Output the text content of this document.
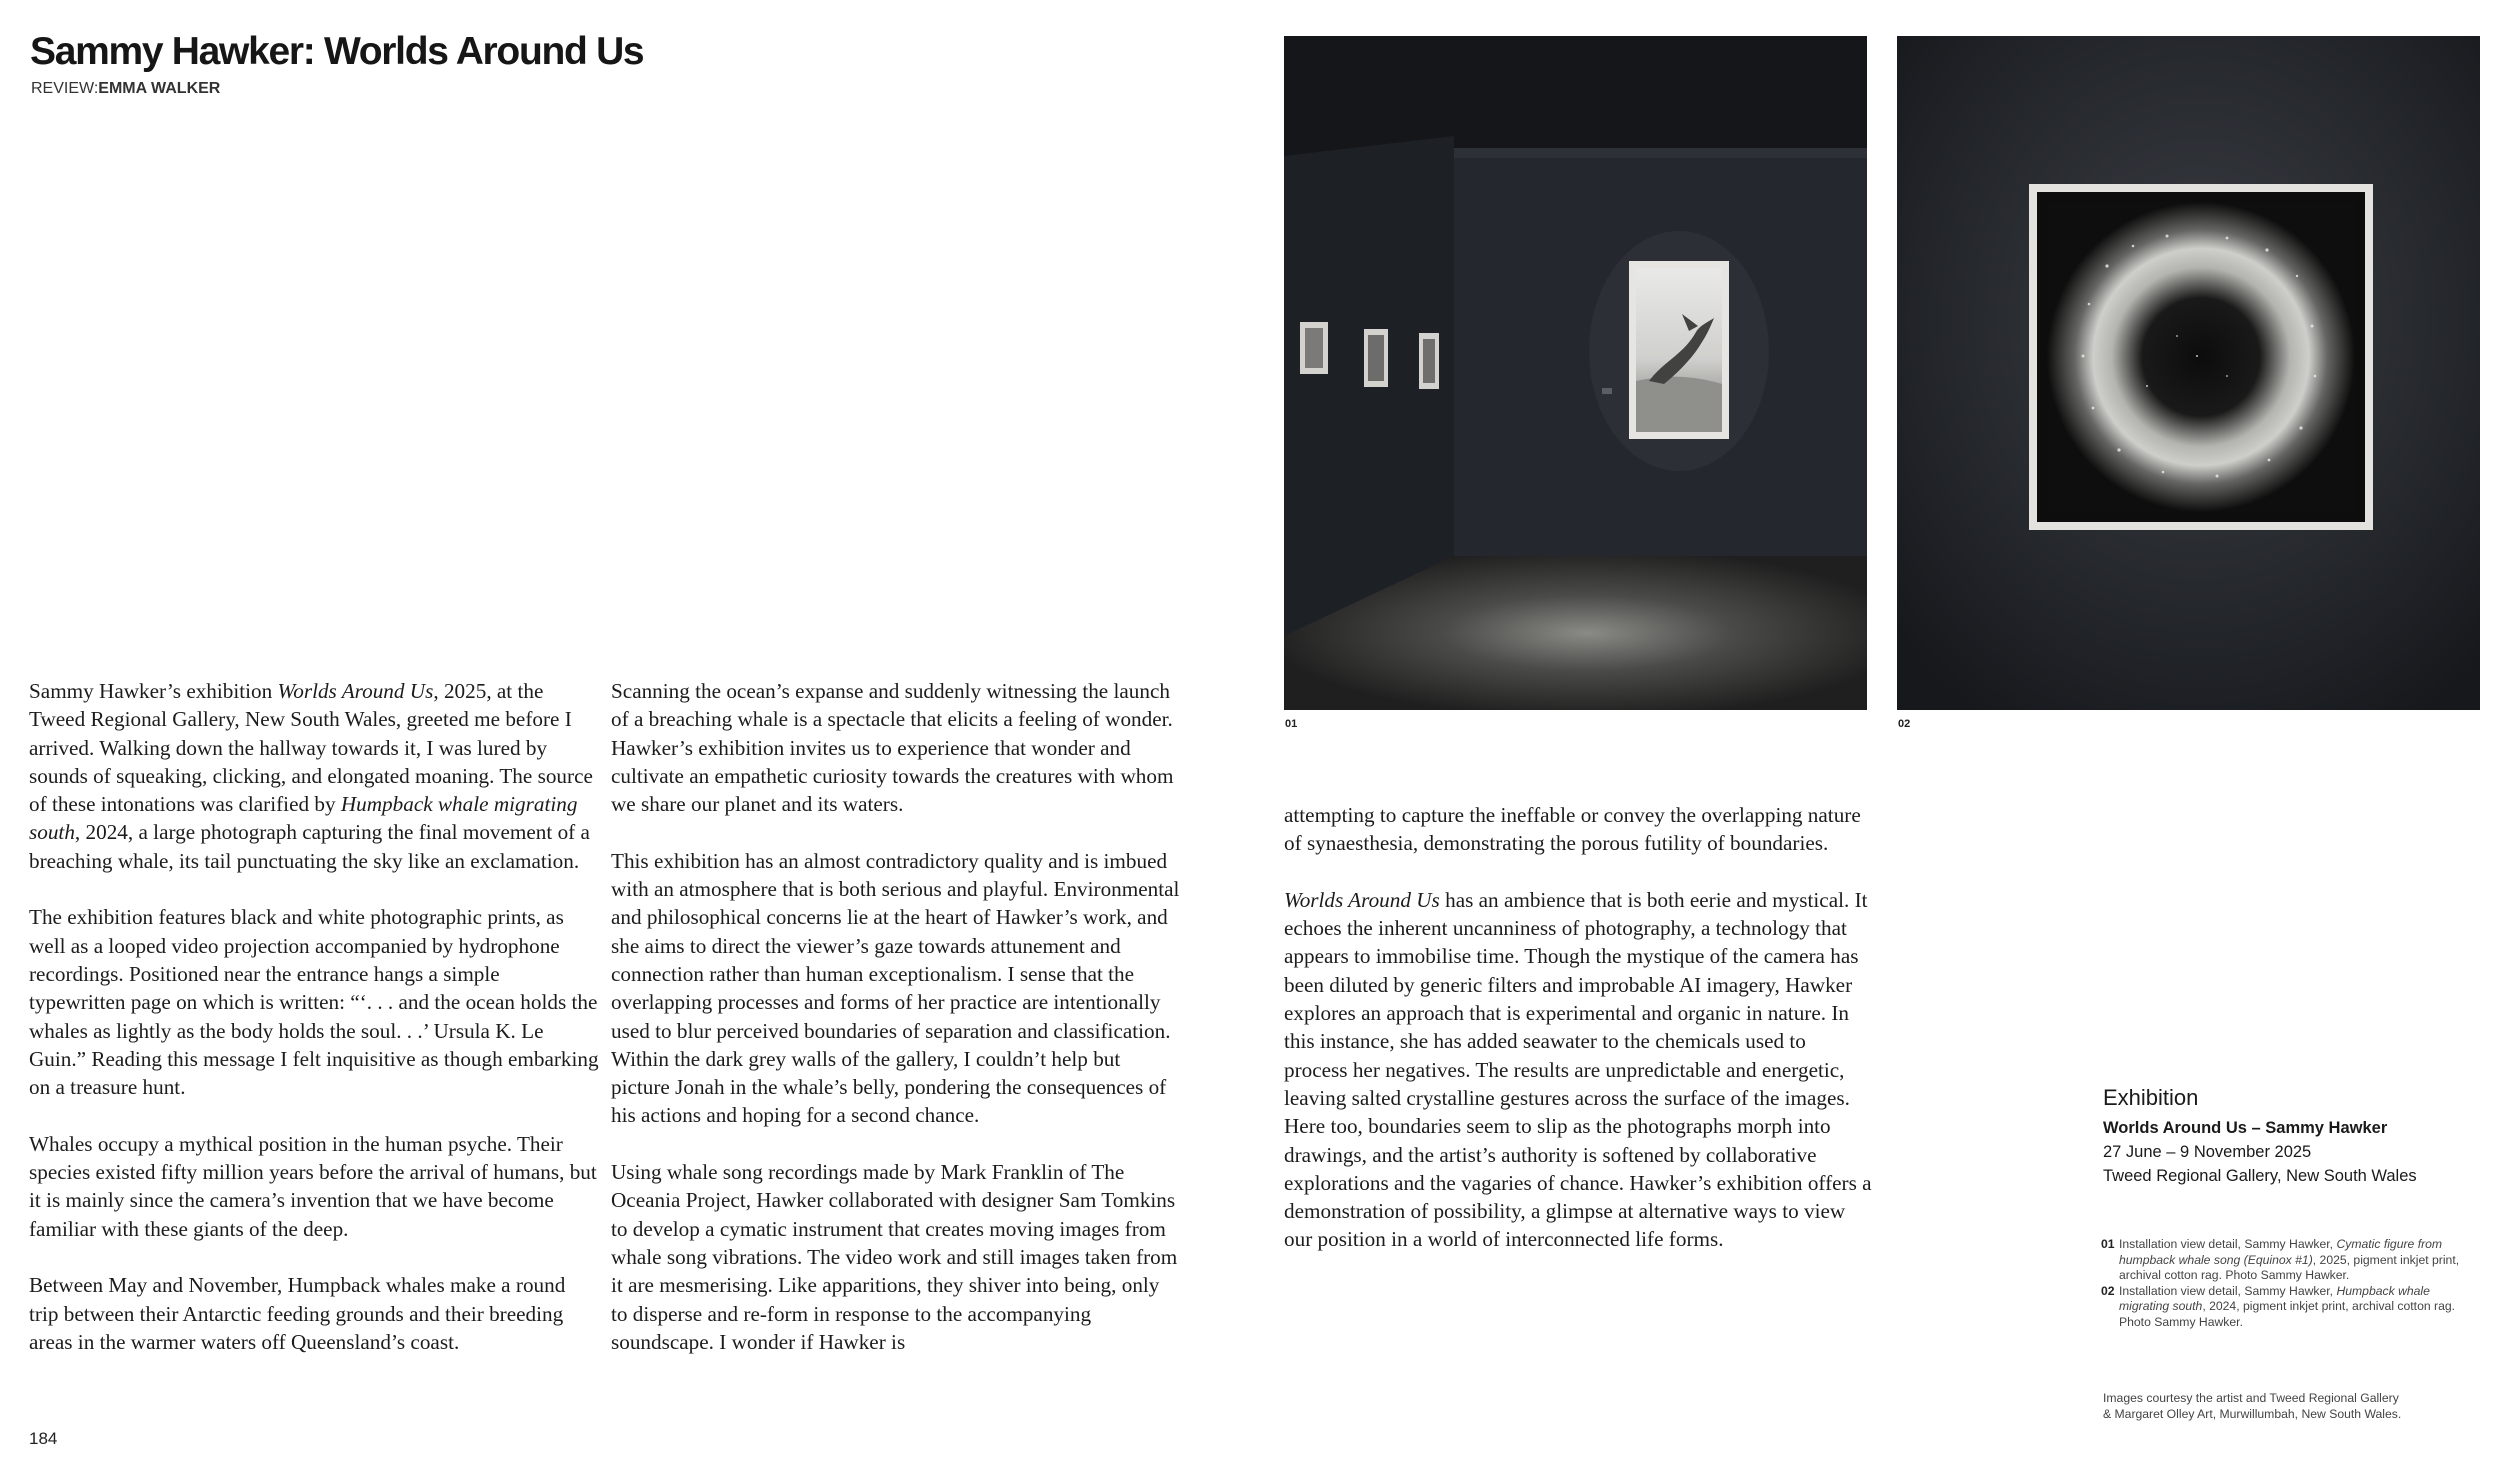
Sammy Hawker: Worlds Around Us
REVIEW:EMMA WALKER

Sammy Hawker’s exhibition Worlds Around Us, 2025, at the Tweed Regional Gallery, New South Wales, greeted me before I arrived. Walking down the hallway towards it, I was lured by sounds of squeaking, clicking, and elongated moaning. The source of these intonations was clarified by Humpback whale migrating south, 2024, a large photograph capturing the final movement of a breaching whale, its tail punctuating the sky like an exclamation.

The exhibition features black and white photographic prints, as well as a looped video projection accompanied by hydrophone recordings. Positioned near the entrance hangs a simple typewritten page on which is written: “‘. . . and the ocean holds the whales as lightly as the body holds the soul. . .’ Ursula K. Le Guin.” Reading this message I felt inquisitive as though embarking on a treasure hunt.

Whales occupy a mythical position in the human psyche. Their species existed fifty million years before the arrival of humans, but it is mainly since the camera’s invention that we have become familiar with these giants of the deep.

Between May and November, Humpback whales make a round trip between their Antarctic feeding grounds and their breeding areas in the warmer waters off Queensland’s coast.

Scanning the ocean’s expanse and suddenly witnessing the launch of a breaching whale is a spectacle that elicits a feeling of wonder. Hawker’s exhibition invites us to experience that wonder and cultivate an empathetic curiosity towards the creatures with whom we share our planet and its waters.

This exhibition has an almost contradictory quality and is imbued with an atmosphere that is both serious and playful. Environmental and philosophical concerns lie at the heart of Hawker’s work, and she aims to direct the viewer’s gaze towards attunement and connection rather than human exceptionalism. I sense that the overlapping processes and forms of her practice are intentionally used to blur perceived boundaries of separation and classification. Within the dark grey walls of the gallery, I couldn’t help but picture Jonah in the whale’s belly, pondering the consequences of his actions and hoping for a second chance.

Using whale song recordings made by Mark Franklin of The Oceania Project, Hawker collaborated with designer Sam Tomkins to develop a cymatic instrument that creates moving images from whale song vibrations. The video work and still images taken from it are mesmerising. Like apparitions, they shiver into being, only to disperse and re-form in response to the accompanying soundscape. I wonder if Hawker is

01	02

attempting to capture the ineffable or convey the overlapping nature of synaesthesia, demonstrating the porous futility of boundaries.

Worlds Around Us has an ambience that is both eerie and mystical. It echoes the inherent uncanniness of photography, a technology that appears to immobilise time. Though the mystique of the camera has been diluted by generic filters and improbable AI imagery, Hawker explores an approach that is experimental and organic in nature. In this instance, she has added seawater to the chemicals used to process her negatives. The results are unpredictable and energetic, leaving salted crystalline gestures across the surface of the images. Here too, boundaries seem to slip as the photographs morph into drawings, and the artist’s authority is softened by collaborative explorations and the vagaries of chance. Hawker’s exhibition offers a demonstration of possibility, a glimpse at alternative ways to view our position in a world of interconnected life forms.

Exhibition
Worlds Around Us – Sammy Hawker
27 June – 9 November 2025
Tweed Regional Gallery, New South Wales
01 Installation view detail, Sammy Hawker, Cymatic figure from humpback whale song (Equinox #1), 2025, pigment inkjet print, archival cotton rag. Photo Sammy Hawker.
02 Installation view detail, Sammy Hawker, Humpback whale migrating south, 2024, pigment inkjet print, archival cotton rag. Photo Sammy Hawker.
Images courtesy the artist and Tweed Regional Gallery & Margaret Olley Art, Murwillumbah, New South Wales.
184
